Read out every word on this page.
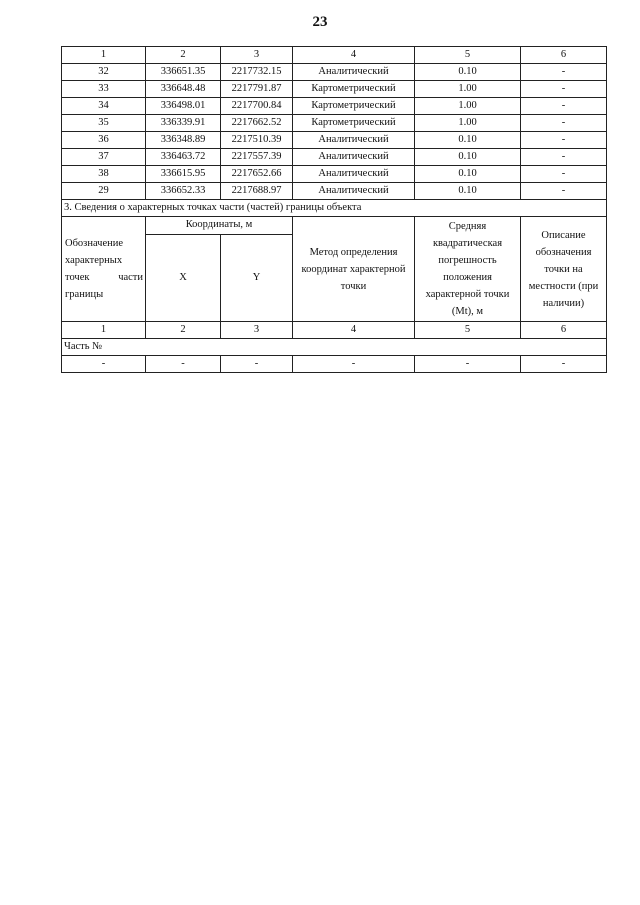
23
1	2	3	4	5	6
32	336651.35	2217732.15	Аналитический	0.10	-
33	336648.48	2217791.87	Картометрический	1.00	-
34	336498.01	2217700.84	Картометрический	1.00	-
35	336339.91	2217662.52	Картометрический	1.00	-
36	336348.89	2217510.39	Аналитический	0.10	-
37	336463.72	2217557.39	Аналитический	0.10	-
38	336615.95	2217652.66	Аналитический	0.10	-
29	336652.33	2217688.97	Аналитический	0.10	-
3. Сведения о характерных точках части (частей) границы объекта					
Обозначение характерных точек части границы	Координаты, м		Метод определения координат характерной точки	Средняя квадратическая погрешность положения характерной точки (Mt), м	Описание обозначения точки на местности (при наличии)
	X	Y			
1	2	3	4	5	6
Часть №					
-	-	-	-	-	-
